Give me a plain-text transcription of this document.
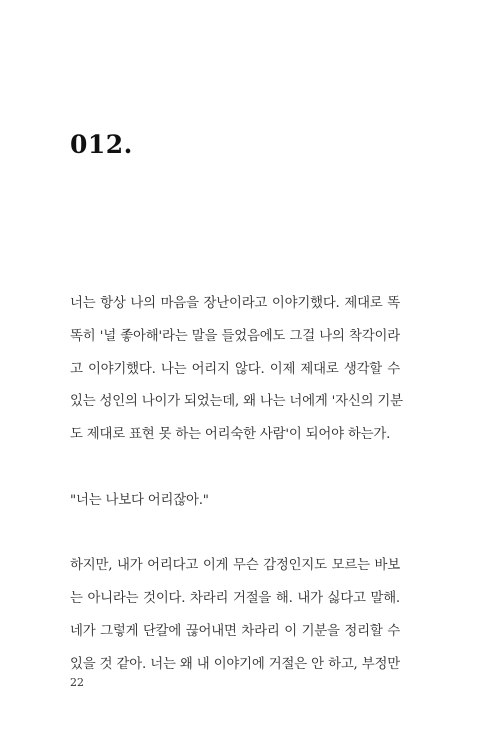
012.

너는 항상 나의 마음을 장난이라고 이야기했다. 제대로 똑
똑히 '널 좋아해'라는 말을 들었음에도 그걸 나의 착각이라
고 이야기했다. 나는 어리지 않다. 이제 제대로 생각할 수
있는 성인의 나이가 되었는데, 왜 나는 너에게 '자신의 기분
도 제대로 표현 못 하는 어리숙한 사람'이 되어야 하는가.

"너는 나보다 어리잖아."

하지만, 내가 어리다고 이게 무슨 감정인지도 모르는 바보
는 아니라는 것이다. 차라리 거절을 해. 내가 싫다고 말해.
네가 그렇게 단칼에 끊어내면 차라리 이 기분을 정리할 수
있을 것 같아. 너는 왜 내 이야기에 거절은 안 하고, 부정만

22
